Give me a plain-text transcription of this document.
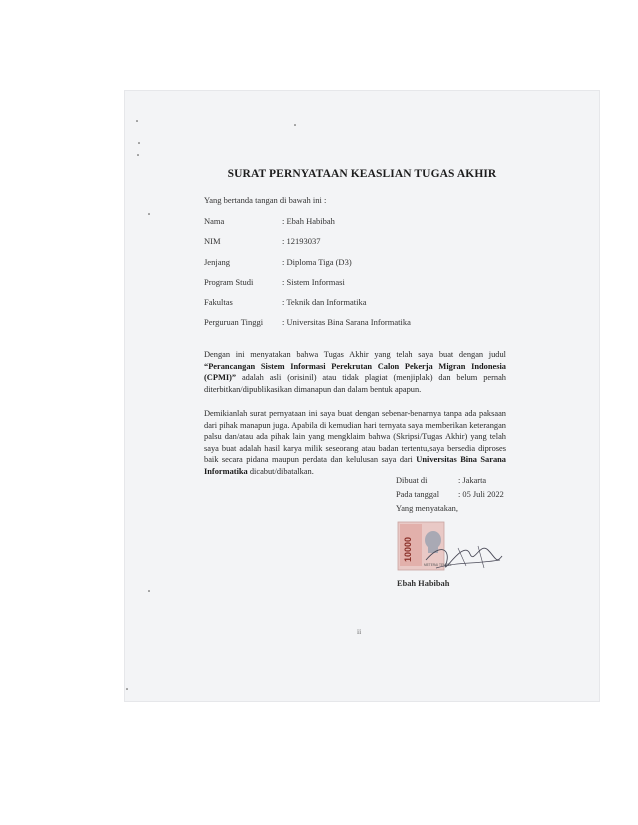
SURAT PERNYATAAN KEASLIAN TUGAS AKHIR
Yang bertanda tangan di bawah ini :
Nama	: Ebah Habibah
NIM	: 12193037
Jenjang	: Diploma Tiga (D3)
Program Studi	: Sistem Informasi
Fakultas	: Teknik dan Informatika
Perguruan Tinggi : Universitas Bina Sarana Informatika
Dengan ini menyatakan bahwa Tugas Akhir yang telah saya buat dengan judul “Perancangan Sistem Informasi Perekrutan Calon Pekerja Migran Indonesia (CPMI)” adalah asli (orisinil) atau tidak plagiat (menjiplak) dan belum pernah diterbitkan/dipublikasikan dimanapun dan dalam bentuk apapun.
Demikianlah surat pernyataan ini saya buat dengan sebenar-benarnya tanpa ada paksaan dari pihak manapun juga. Apabila di kemudian hari ternyata saya memberikan keterangan palsu dan/atau ada pihak lain yang mengklaim bahwa (Skripsi/Tugas Akhir) yang telah saya buat adalah hasil karya milik seseorang atau badan tertentu,saya bersedia diproses baik secara pidana maupun perdata dan kelulusan saya dari Universitas Bina Sarana Informatika dicabut/dibatalkan.
Dibuat di	: Jakarta
Pada tanggal : 05 Juli 2022
Yang menyatakan,
10000
METERAI TEMPEL
Ebah Habibah
ii
